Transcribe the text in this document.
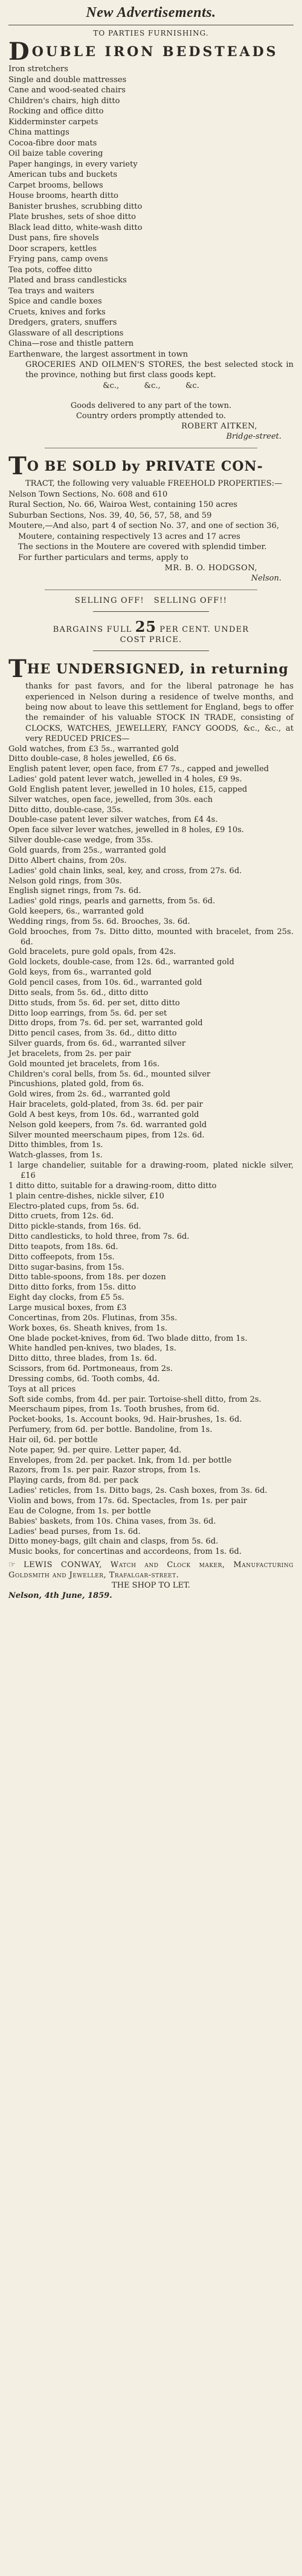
New Advertisements.
TO PARTIES FURNISHING.
DOUBLE IRON BEDSTEADS
Iron stretchers
Single and double mattresses
Cane and wood-seated chairs
Children's chairs, high ditto
Rocking and office ditto
Kidderminster carpets
China mattings
Cocoa-fibre door mats
Oil baize table covering
Paper hangings, in every variety
American tubs and buckets
Carpet brooms, bellows
House brooms, hearth ditto
Banister brushes, scrubbing ditto
Plate brushes, sets of shoe ditto
Black lead ditto, white-wash ditto
Dust pans, fire shovels
Door scrapers, kettles
Frying pans, camp ovens
Tea pots, coffee ditto
Plated and brass candlesticks
Tea trays and waiters
Spice and candle boxes
Cruets, knives and forks
Dredgers, graters, snuffers
Glassware of all descriptions
China—rose and thistle pattern
Earthenware, the largest assortment in town

GROCERIES AND OILMEN'S STORES, the best selected stock in the province, nothing but first class goods kept.

&c.,          &c.,          &c.
Goods delivered to any part of the town.
Country orders promptly attended to.
ROBERT AITKEN,
Bridge-street.
TO BE SOLD by PRIVATE CON-

TRACT, the following very valuable FREEHOLD PROPERTIES:—

Nelson Town Sections, No. 608 and 610
Rural Section, No. 66, Wairoa West, containing 150 acres
Suburban Sections, Nos. 39, 40, 56, 57, 58, and 59
Moutere,—And also, part 4 of section No. 37, and one of section 36, Moutere, containing respectively 13 acres and 17 acres

The sections in the Moutere are covered with splendid timber.

For further particulars and terms, apply to

MR. B. O. HODGSON,
Nelson.
SELLING OFF!   SELLING OFF!!
BARGAINS FULL 25 PER CENT. UNDER
COST PRICE.
THE UNDERSIGNED, in returning

thanks for past favors, and for the liberal patronage he has experienced in Nelson during a residence of twelve months, and being now about to leave this settlement for England, begs to offer the remainder of his valuable STOCK IN TRADE, consisting of CLOCKS, WATCHES, JEWELLERY, FANCY GOODS, &c., &c., at very REDUCED PRICES—

Gold watches, from £3 5s., warranted gold
Ditto double-case, 8 holes jewelled, £6 6s.
English patent lever, open face, from £7 7s., capped and jewelled
Ladies' gold patent lever watch, jewelled in 4 holes, £9 9s.
Gold English patent lever, jewelled in 10 holes, £15, capped
Silver watches, open face, jewelled, from 30s. each
Ditto ditto, double-case, 35s.
Double-case patent lever silver watches, from £4 4s.
Open face silver lever watches, jewelled in 8 holes, £9 10s.
Silver double-case wedge, from 35s.
Gold guards, from 25s., warranted gold
Ditto Albert chains, from 20s.
Ladies' gold chain links, seal, key, and cross, from 27s. 6d.
Nelson gold rings, from 30s.
English signet rings, from 7s. 6d.
Ladies' gold rings, pearls and garnetts, from 5s. 6d.
Gold keepers, 6s., warranted gold
Wedding rings, from 5s. 6d. Brooches, 3s. 6d.
Gold brooches, from 7s. Ditto ditto, mounted with bracelet, from 25s. 6d.
Gold bracelets, pure gold opals, from 42s.
Gold lockets, double-case, from 12s. 6d., warranted gold
Gold keys, from 6s., warranted gold
Gold pencil cases, from 10s. 6d., warranted gold
Ditto seals, from 5s. 6d., ditto ditto
Ditto studs, from 5s. 6d. per set, ditto ditto
Ditto loop earrings, from 5s. 6d. per set
Ditto drops, from 7s. 6d. per set, warranted gold
Ditto pencil cases, from 3s. 6d., ditto ditto
Silver guards, from 6s. 6d., warranted silver
Jet bracelets, from 2s. per pair
Gold mounted jet bracelets, from 16s.
Children's coral bells, from 5s. 6d., mounted silver
Pincushions, plated gold, from 6s.
Gold wires, from 2s. 6d., warranted gold
Hair bracelets, gold-plated, from 3s. 6d. per pair
Gold A best keys, from 10s. 6d., warranted gold
Nelson gold keepers, from 7s. 6d. warranted gold
Silver mounted meerschaum pipes, from 12s. 6d.
Ditto thimbles, from 1s.
Watch-glasses, from 1s.
1 large chandelier, suitable for a drawing-room, plated nickle silver, £16
1 ditto ditto, suitable for a drawing-room, ditto ditto
1 plain centre-dishes, nickle silver, £10
Electro-plated cups, from 5s. 6d.
Ditto cruets, from 12s. 6d.
Ditto pickle-stands, from 16s. 6d.
Ditto candlesticks, to hold three, from 7s. 6d.
Ditto teapots, from 18s. 6d.
Ditto coffeepots, from 15s.
Ditto sugar-basins, from 15s.
Ditto table-spoons, from 18s. per dozen
Ditto ditto forks, from 15s. ditto
Eight day clocks, from £5 5s.
Large musical boxes, from £3
Concertinas, from 20s. Flutinas, from 35s.
Work boxes, 6s. Sheath knives, from 1s.
One blade pocket-knives, from 6d. Two blade ditto, from 1s.
White handled pen-knives, two blades, 1s.
Ditto ditto, three blades, from 1s. 6d.
Scissors, from 6d. Portmoneaus, from 2s.
Dressing combs, 6d. Tooth combs, 4d.
Toys at all prices
Soft side combs, from 4d. per pair. Tortoise-shell ditto, from 2s.
Meerschaum pipes, from 1s. Tooth brushes, from 6d.
Pocket-books, 1s. Account books, 9d. Hair-brushes, 1s. 6d.
Perfumery, from 6d. per bottle. Bandoline, from 1s.
Hair oil, 6d. per bottle
Note paper, 9d. per quire. Letter paper, 4d.
Envelopes, from 2d. per packet. Ink, from 1d. per bottle
Razors, from 1s. per pair. Razor strops, from 1s.
Playing cards, from 8d. per pack
Ladies' reticles, from 1s. Ditto bags, 2s. Cash boxes, from 3s. 6d.
Violin and bows, from 17s. 6d. Spectacles, from 1s. per pair
Eau de Cologne, from 1s. per bottle
Babies' baskets, from 10s. China vases, from 3s. 6d.
Ladies' bead purses, from 1s. 6d.
Ditto money-bags, gilt chain and clasps, from 5s. 6d.
Music books, for concertinas and accordeons, from 1s. 6d.
☞ LEWIS CONWAY, Watch and Clock maker, Manufacturing Goldsmith and Jeweller, Trafalgar-street.
THE SHOP TO LET.
Nelson, 4th June, 1859.
